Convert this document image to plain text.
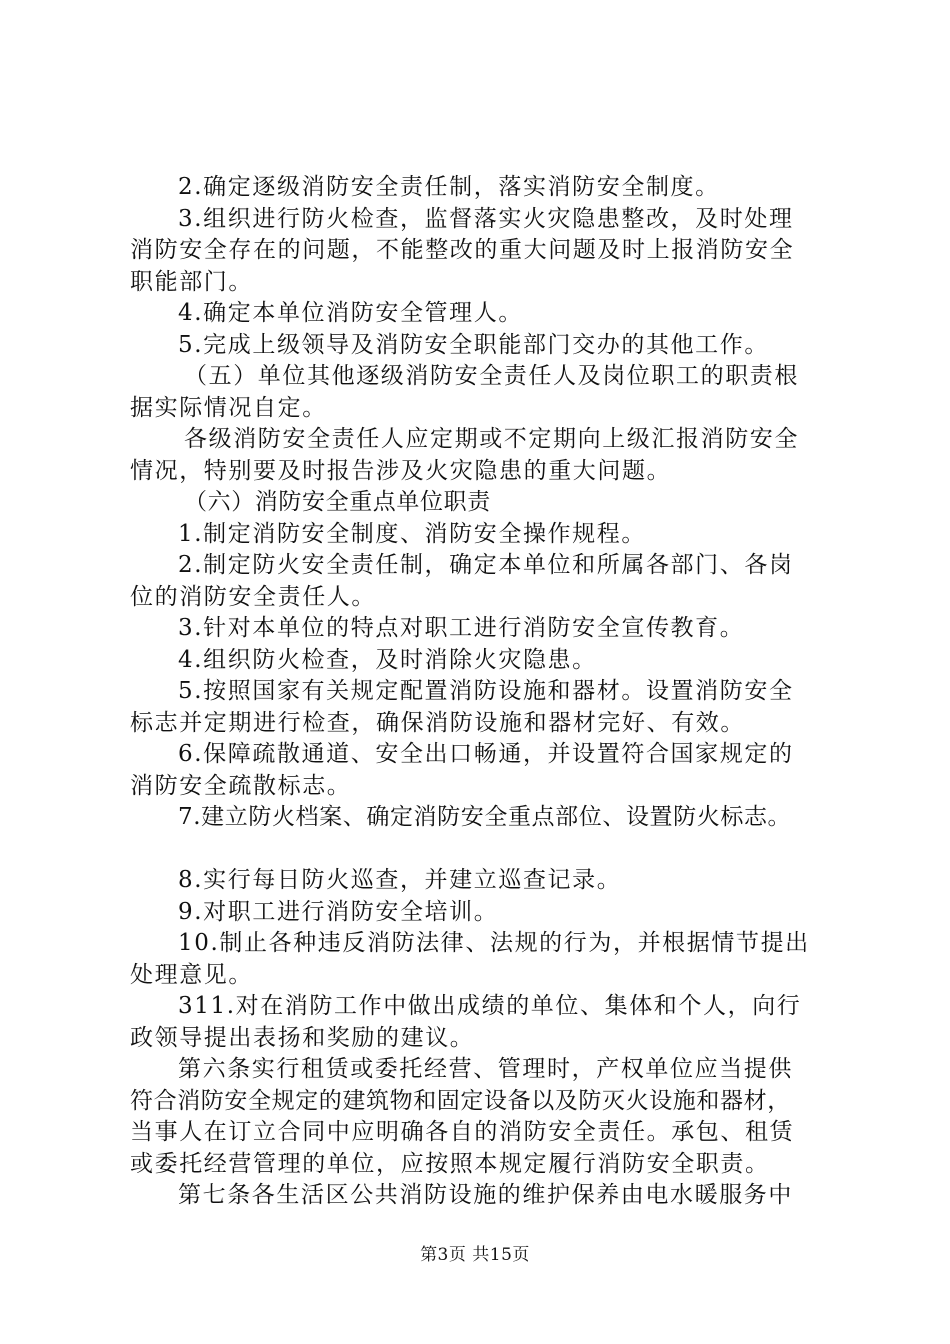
2.确定逐级消防安全责任制，落实消防安全制度。
3.组织进行防火检查，监督落实火灾隐患整改，及时处理
消防安全存在的问题，不能整改的重大问题及时上报消防安全
职能部门。
4.确定本单位消防安全管理人。
5.完成上级领导及消防安全职能部门交办的其他工作。
（五）单位其他逐级消防安全责任人及岗位职工的职责根
据实际情况自定。
各级消防安全责任人应定期或不定期向上级汇报消防安全
情况，特别要及时报告涉及火灾隐患的重大问题。
（六）消防安全重点单位职责
1.制定消防安全制度、消防安全操作规程。
2.制定防火安全责任制，确定本单位和所属各部门、各岗
位的消防安全责任人。
3.针对本单位的特点对职工进行消防安全宣传教育。
4.组织防火检查，及时消除火灾隐患。
5.按照国家有关规定配置消防设施和器材。设置消防安全
标志并定期进行检查，确保消防设施和器材完好、有效。
6.保障疏散通道、安全出口畅通，并设置符合国家规定的
消防安全疏散标志。
7.建立防火档案、确定消防安全重点部位、设置防火标志。
8.实行每日防火巡查，并建立巡查记录。
9.对职工进行消防安全培训。
10.制止各种违反消防法律、法规的行为，并根据情节提出
处理意见。
311.对在消防工作中做出成绩的单位、集体和个人，向行
政领导提出表扬和奖励的建议。
第六条实行租赁或委托经营、管理时，产权单位应当提供
符合消防安全规定的建筑物和固定设备以及防灭火设施和器材，
当事人在订立合同中应明确各自的消防安全责任。承包、租赁
或委托经营管理的单位，应按照本规定履行消防安全职责。
第七条各生活区公共消防设施的维护保养由电水暖服务中
第3页 共15页
